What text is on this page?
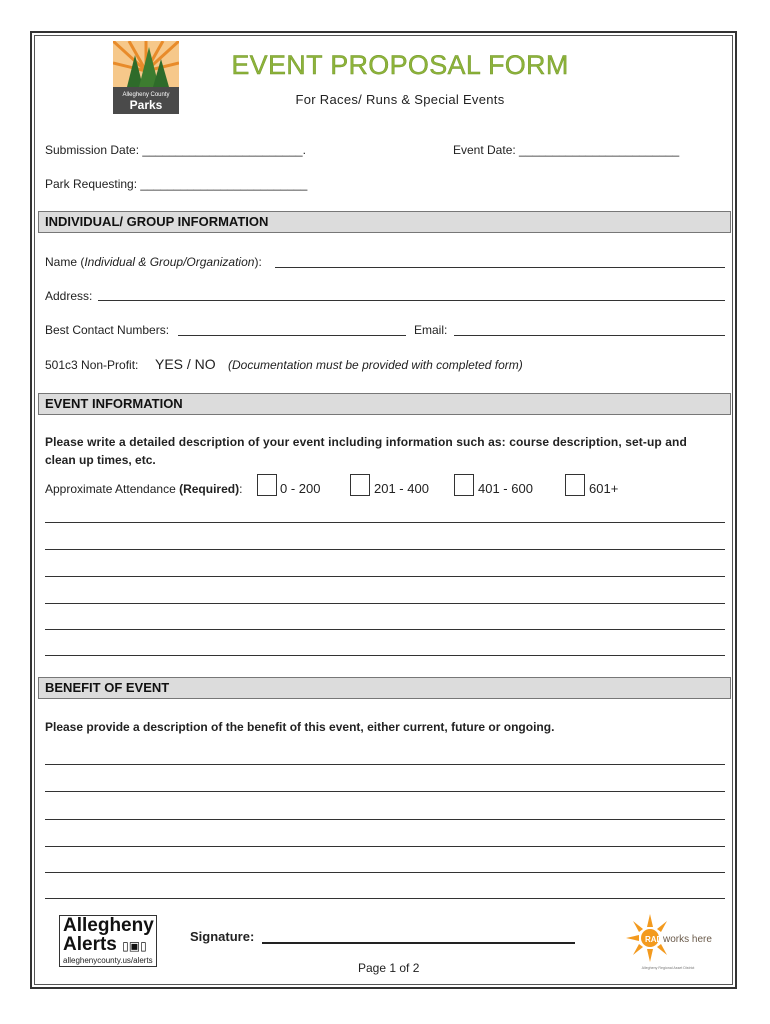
Allegheny County
Parks
EVENT PROPOSAL FORM
For Races/ Runs & Special Events
Submission Date: ________________________.	Event Date: ________________________
Park Requesting: _________________________
INDIVIDUAL/ GROUP INFORMATION
Name (Individual & Group/Organization):
Address:
Best Contact Numbers:	Email:
501c3 Non-Profit: YES / NO (Documentation must be provided with completed form)
EVENT INFORMATION
Please write a detailed description of your event including information such as: course description, set-up and
clean up times, etc.
Approximate Attendance (Required):	0 - 200	201 - 400	401 - 600	601+
BENEFIT OF EVENT
Please provide a description of the benefit of this event, either current, future or ongoing.
Allegheny
Alerts ▯▣▯
alleghenycounty.us/alerts
Signature:
Page 1 of 2
RAD works here
Allegheny Regional Asset District
